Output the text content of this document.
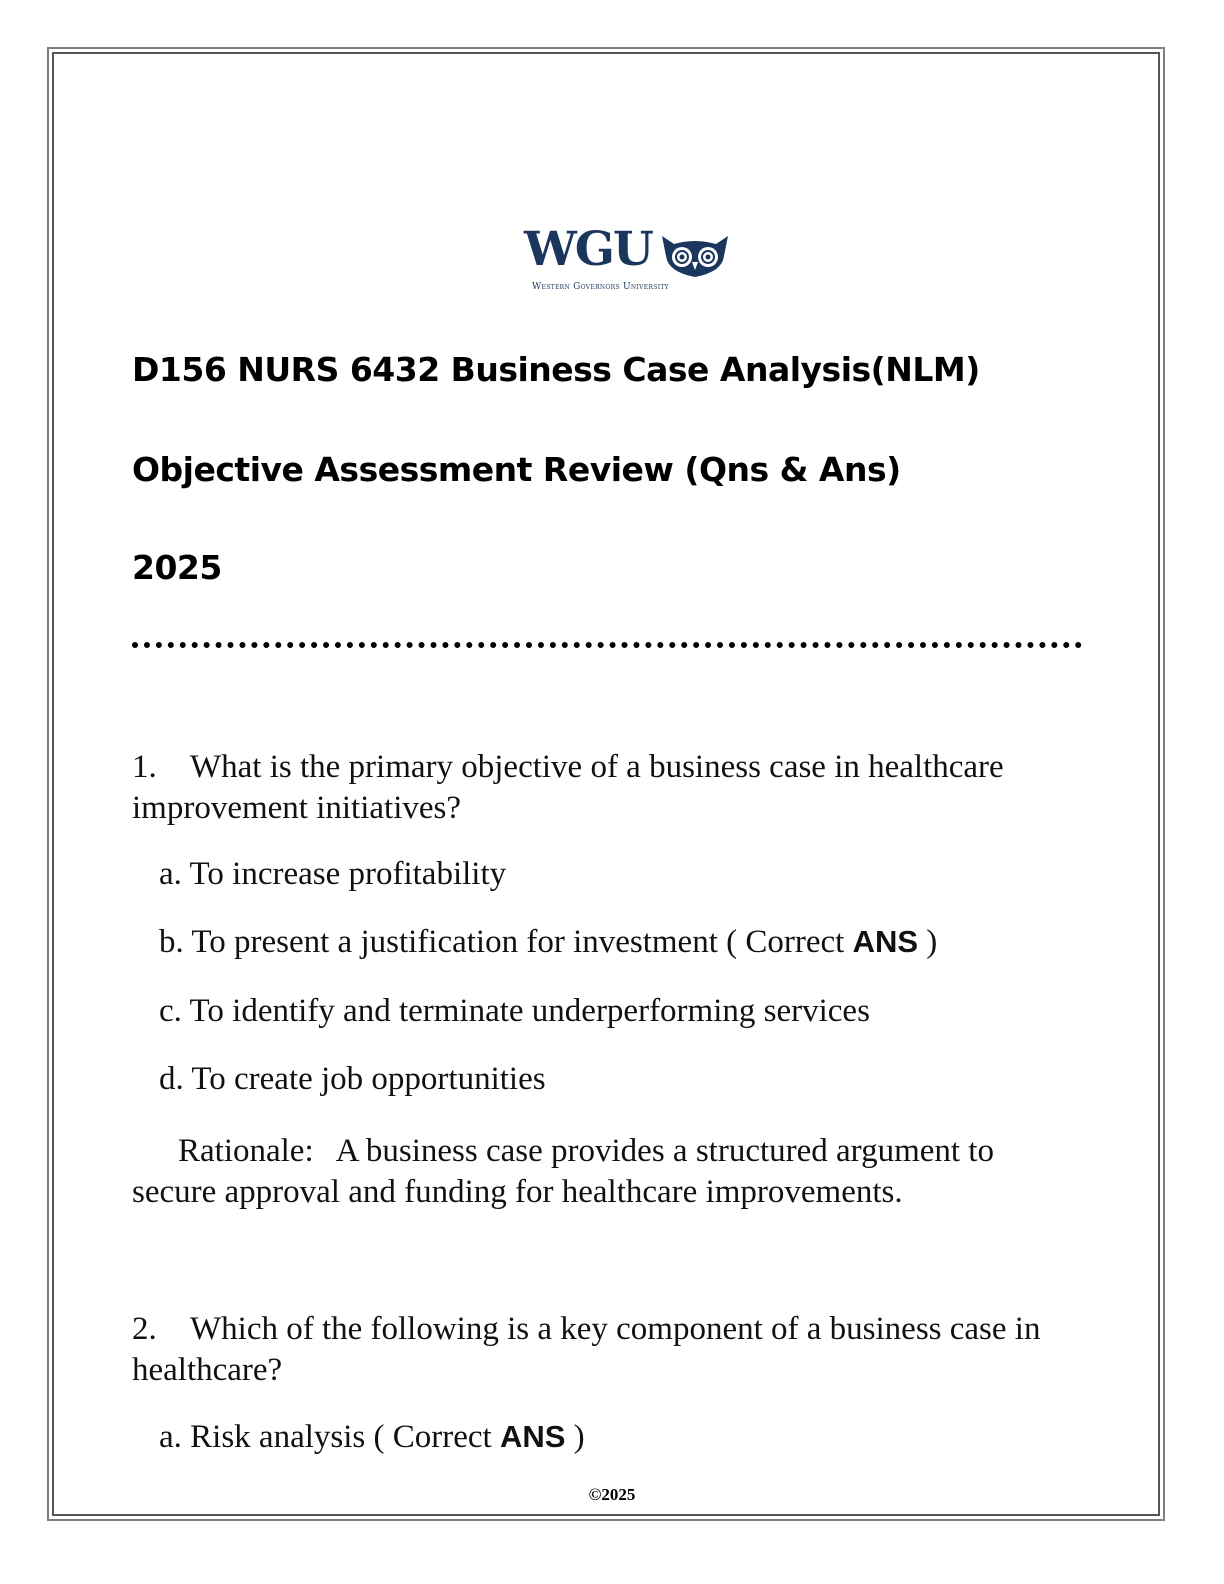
WGU
Western Governors University
D156 NURS 6432 Business Case Analysis(NLM)
Objective Assessment Review (Qns & Ans)
2025
1. What is the primary objective of a business case in healthcare improvement initiatives?
a. To increase profitability
b. To present a justification for investment ( Correct ANS )
c. To identify and terminate underperforming services
d. To create job opportunities
Rationale: A business case provides a structured argument to secure approval and funding for healthcare improvements.
2. Which of the following is a key component of a business case in healthcare?
a. Risk analysis ( Correct ANS )
©2025
